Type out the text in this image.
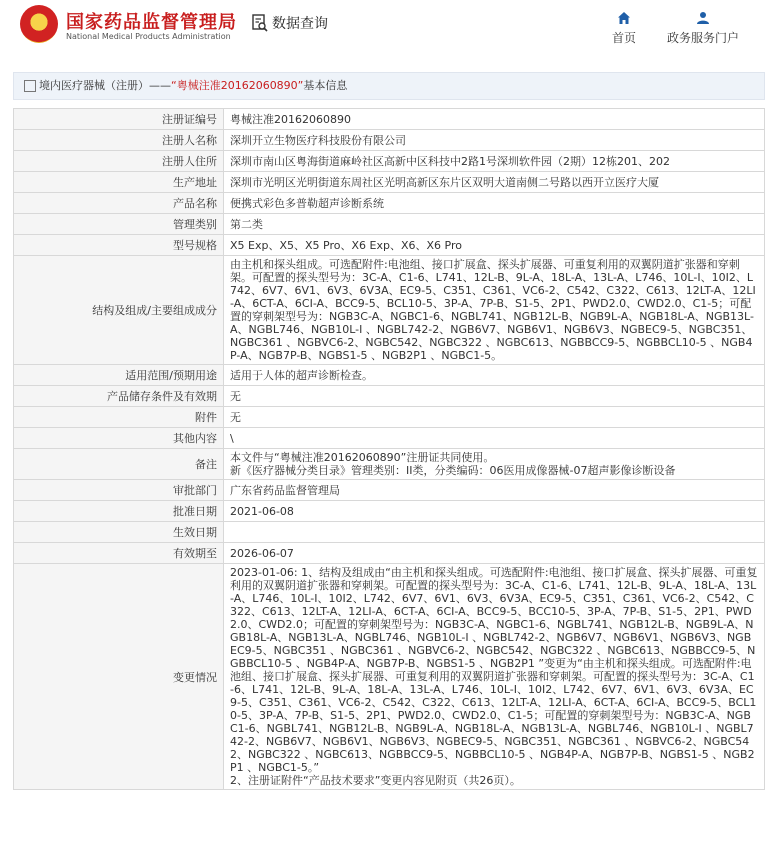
国家药品监督管理局
National Medical Products Administration
数据查询
首页	政务服务门户
境内医疗器械（注册）——“粤械注准20162060890”基本信息
注册证编号	粤械注准20162060890
注册人名称	深圳开立生物医疗科技股份有限公司
注册人住所	深圳市南山区粤海街道麻岭社区高新中区科技中2路1号深圳软件园（2期）12栋201、202
生产地址	深圳市光明区光明街道东周社区光明高新区东片区双明大道南侧二号路以西开立医疗大厦
产品名称	便携式彩色多普勒超声诊断系统
管理类别	第二类
型号规格	X5 Exp、X5、X5 Pro、X6 Exp、X6、X6 Pro
结构及组成/主要组成成分	由主机和探头组成。可选配附件:电池组、接口扩展盒、探头扩展器、可重复利用的双翼阴道扩张器和穿刺架。可配置的探头型号为：3C-A、C1-6、L741、12L-B、9L-A、18L-A、13L-A、L746、10L-I、10I2、L742、6V7、6V1、6V3、6V3A、EC9-5、C351、C361、VC6-2、C542、C322、C613、12LT-A、12LI-A、6CT-A、6CI-A、BCC9-5、BCL10-5、3P-A、7P-B、S1-5、2P1、PWD2.0、CWD2.0、C1-5；可配置的穿刺架型号为：NGB3C-A、NGBC1-6、NGBL741、NGB12L-B、NGB9L-A、NGB18L-A、NGB13L-A、NGBL746、NGB10L-I 、NGBL742-2、NGB6V7、NGB6V1、NGB6V3、NGBEC9-5、NGBC351、NGBC361 、NGBVC6-2、NGBC542、NGBC322 、NGBC613、NGBBCC9-5、NGBBCL10-5 、NGB4P-A、NGB7P-B、NGBS1-5 、NGB2P1 、NGBC1-5。
适用范围/预期用途	适用于人体的超声诊断检查。
产品储存条件及有效期	无
附件	无
其他内容	\
备注	本文件与“粤械注准20162060890”注册证共同使用。
新《医疗器械分类目录》管理类别：II类，分类编码：06医用成像器械-07超声影像诊断设备
审批部门	广东省药品监督管理局
批准日期	2021-06-08
生效日期	
有效期至	2026-06-07
变更情况	2023-01-06: 1、结构及组成由“由主机和探头组成。可选配附件:电池组、接口扩展盒、探头扩展器、可重复利用的双翼阴道扩张器和穿刺架。可配置的探头型号为：3C-A、C1-6、L741、12L-B、9L-A、18L-A、13L-A、L746、10L-I、10I2、L742、6V7、6V1、6V3、6V3A、EC9-5、C351、C361、VC6-2、C542、C322、C613、12LT-A、12LI-A、6CT-A、6CI-A、BCC9-5、BCC10-5、3P-A、7P-B、S1-5、2P1、PWD2.0、CWD2.0；可配置的穿刺架型号为：NGB3C-A、NGBC1-6、NGBL741、NGB12L-B、NGB9L-A、NGB18L-A、NGB13L-A、NGBL746、NGB10L-I 、NGBL742-2、NGB6V7、NGB6V1、NGB6V3、NGBEC9-5、NGBC351 、NGBC361 、NGBVC6-2、NGBC542、NGBC322 、NGBC613、NGBBCC9-5、NGBBCL10-5 、NGB4P-A、NGB7P-B、NGBS1-5 、NGB2P1 ”变更为“由主机和探头组成。可选配附件:电池组、接口扩展盒、探头扩展器、可重复利用的双翼阴道扩张器和穿刺架。可配置的探头型号为：3C-A、C1-6、L741、12L-B、9L-A、18L-A、13L-A、L746、10L-I、10I2、L742、6V7、6V1、6V3、6V3A、EC9-5、C351、C361、VC6-2、C542、C322、C613、12LT-A、12LI-A、6CT-A、6CI-A、BCC9-5、BCL10-5、3P-A、7P-B、S1-5、2P1、PWD2.0、CWD2.0、C1-5；可配置的穿刺架型号为：NGB3C-A、NGBC1-6、NGBL741、NGB12L-B、NGB9L-A、NGB18L-A、NGB13L-A、NGBL746、NGB10L-I 、NGBL742-2、NGB6V7、NGB6V1、NGB6V3、NGBEC9-5、NGBC351、NGBC361 、NGBVC6-2、NGBC542、NGBC322 、NGBC613、NGBBCC9-5、NGBBCL10-5 、NGB4P-A、NGB7P-B、NGBS1-5 、NGB2P1 、NGBC1-5。”
2、注册证附件“产品技术要求”变更内容见附页（共26页）。
